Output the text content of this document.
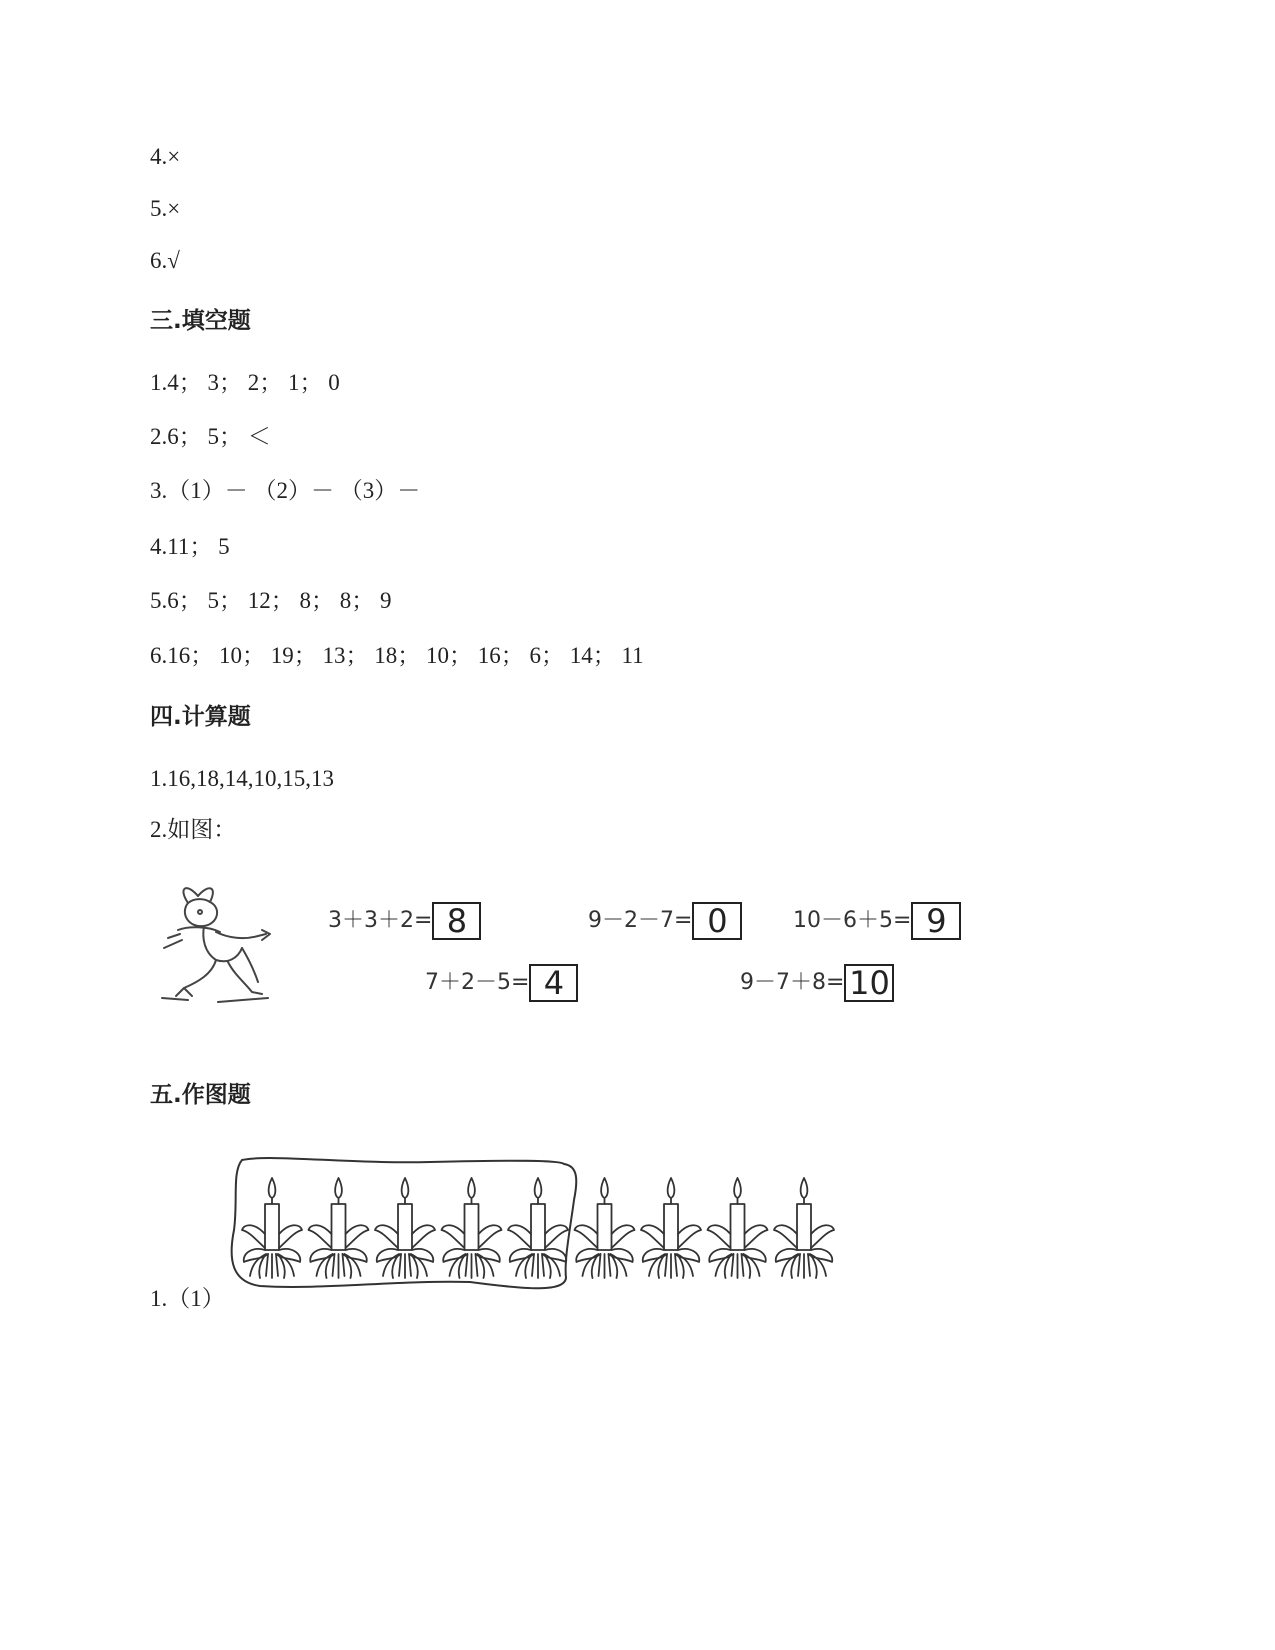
4.×
5.×
6.√
三.填空题
1.4； 3； 2； 1； 0
2.6； 5； ＜
3.（1）－ （2）－ （3）－
4.11； 5
5.6； 5； 12； 8； 8； 9
6.16； 10； 19； 13； 18； 10； 16； 6； 14； 11
四.计算题
1.16,18,14,10,15,13
2.如图：
3＋3＋2= 8	9－2－7= 0	10－6＋5= 9
7＋2－5= 4	9－7＋8= 10
五.作图题
1.（1）
